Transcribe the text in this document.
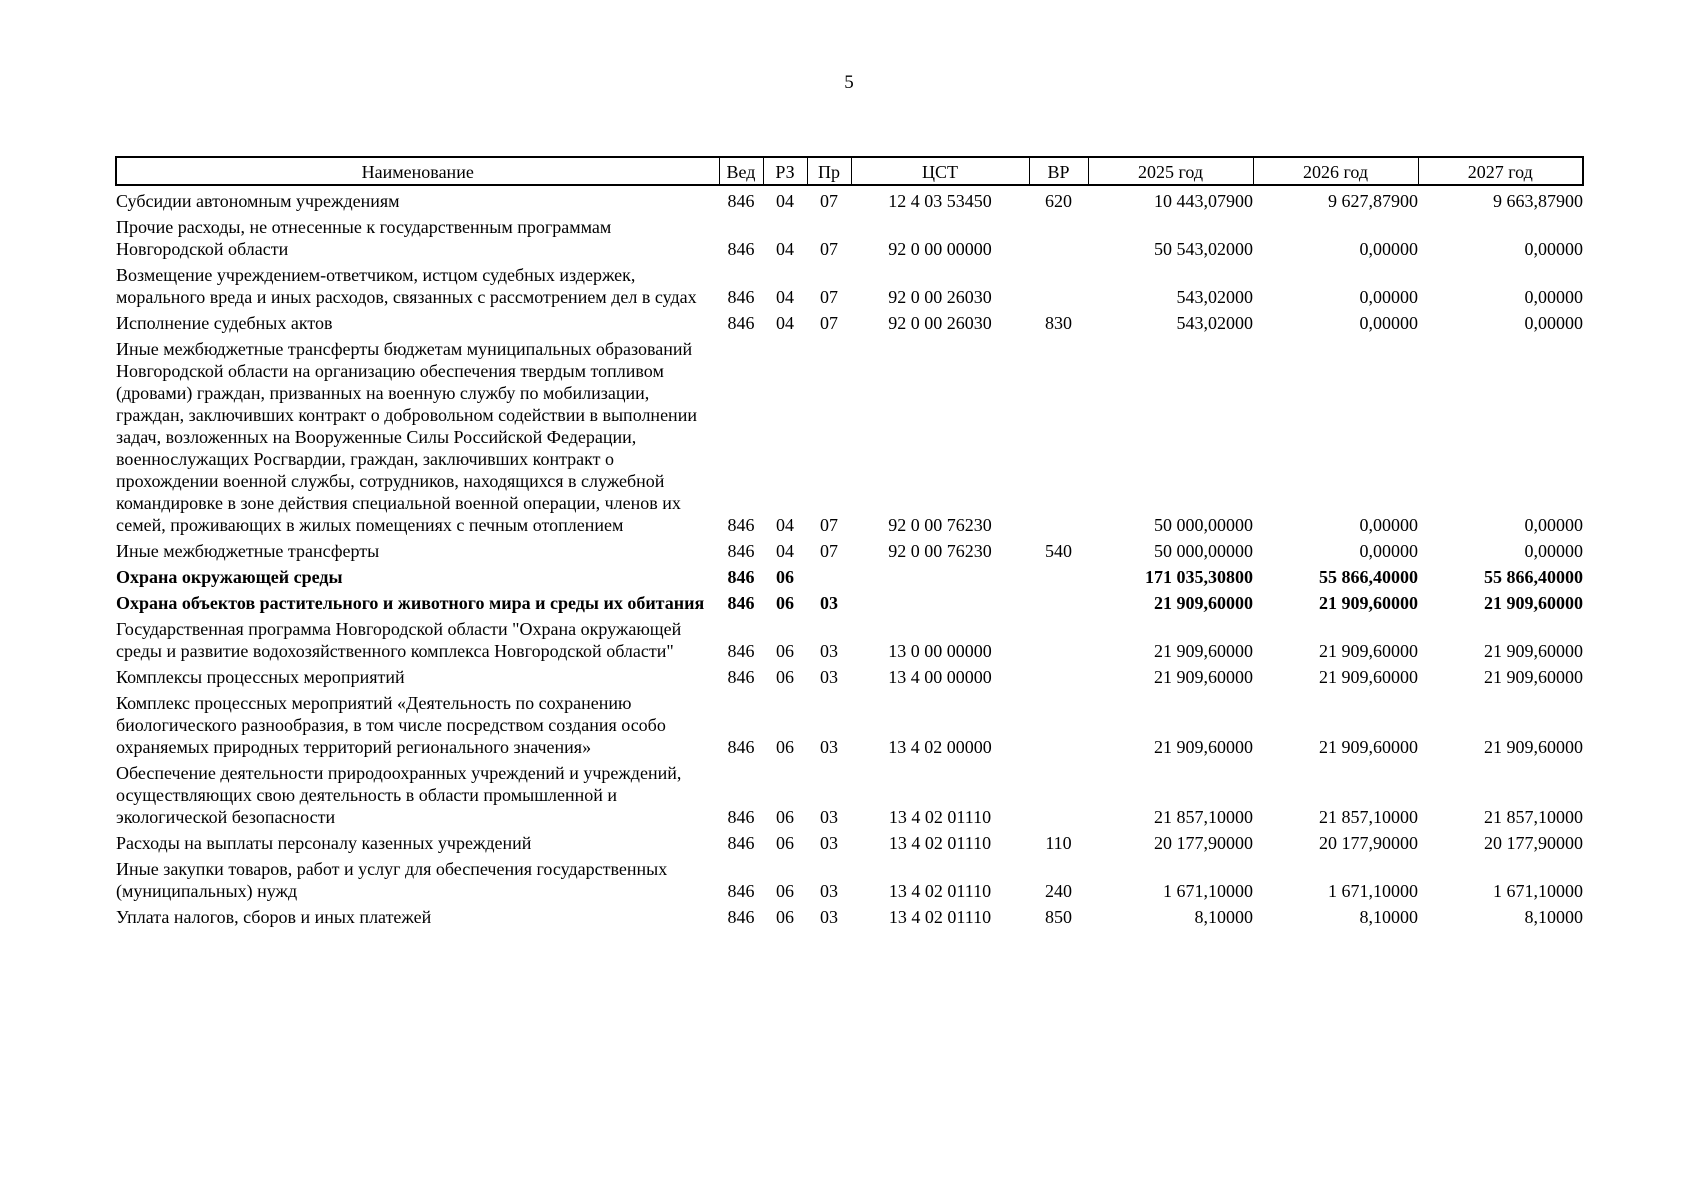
5
Наименование	Вед	РЗ	Пр	ЦСТ	ВР	2025 год	2026 год	2027 год
Субсидии автономным учреждениям	846	04	07	12 4 03 53450	620	10 443,07900	9 627,87900	9 663,87900
Прочие расходы, не отнесенные к государственным программам Новгородской области	846	04	07	92 0 00 00000		50 543,02000	0,00000	0,00000
Возмещение учреждением-ответчиком, истцом судебных издержек, морального вреда и иных расходов, связанных с рассмотрением дел в судах	846	04	07	92 0 00 26030		543,02000	0,00000	0,00000
Исполнение судебных актов	846	04	07	92 0 00 26030	830	543,02000	0,00000	0,00000
Иные межбюджетные трансферты бюджетам муниципальных образований Новгородской области на организацию обеспечения твердым топливом (дровами) граждан, призванных на военную службу по мобилизации, граждан, заключивших контракт о добровольном содействии в выполнении задач, возложенных на Вооруженные Силы Российской Федерации, военнослужащих Росгвардии, граждан, заключивших контракт о прохождении военной службы, сотрудников, находящихся в служебной командировке в зоне действия специальной военной операции, членов их семей, проживающих в жилых помещениях с печным отоплением	846	04	07	92 0 00 76230		50 000,00000	0,00000	0,00000
Иные межбюджетные трансферты	846	04	07	92 0 00 76230	540	50 000,00000	0,00000	0,00000
Охрана окружающей среды	846	06				171 035,30800	55 866,40000	55 866,40000
Охрана объектов растительного и животного мира и среды их обитания	846	06	03			21 909,60000	21 909,60000	21 909,60000
Государственная программа Новгородской области "Охрана окружающей среды и развитие водохозяйственного комплекса Новгородской области"	846	06	03	13 0 00 00000		21 909,60000	21 909,60000	21 909,60000
Комплексы процессных мероприятий	846	06	03	13 4 00 00000		21 909,60000	21 909,60000	21 909,60000
Комплекс процессных мероприятий «Деятельность по сохранению биологического разнообразия, в том числе посредством создания особо охраняемых природных территорий регионального значения»	846	06	03	13 4 02 00000		21 909,60000	21 909,60000	21 909,60000
Обеспечение деятельности природоохранных учреждений и учреждений, осуществляющих свою деятельность в области промышленной и экологической безопасности	846	06	03	13 4 02 01110		21 857,10000	21 857,10000	21 857,10000
Расходы на выплаты персоналу казенных учреждений	846	06	03	13 4 02 01110	110	20 177,90000	20 177,90000	20 177,90000
Иные закупки товаров, работ и услуг для обеспечения государственных (муниципальных) нужд	846	06	03	13 4 02 01110	240	1 671,10000	1 671,10000	1 671,10000
Уплата налогов, сборов и иных платежей	846	06	03	13 4 02 01110	850	8,10000	8,10000	8,10000
